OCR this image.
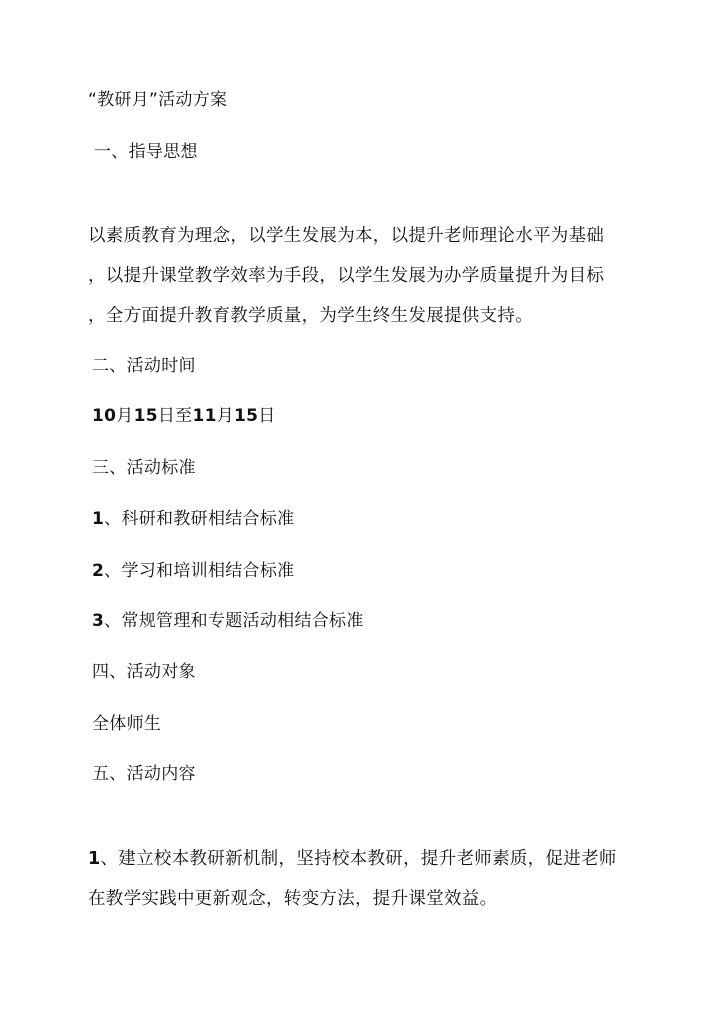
“教研月”活动方案
一、指导思想
以素质教育为理念，以学生发展为本，以提升老师理论水平为基础
，以提升课堂教学效率为手段，以学生发展为办学质量提升为目标
，全方面提升教育教学质量，为学生终生发展提供支持。
二、活动时间
10月15日至11月15日
三、活动标准
1、科研和教研相结合标准
2、学习和培训相结合标准
3、常规管理和专题活动相结合标准
四、活动对象
全体师生
五、活动内容
1、建立校本教研新机制，坚持校本教研，提升老师素质，促进老师
在教学实践中更新观念，转变方法，提升课堂效益。
